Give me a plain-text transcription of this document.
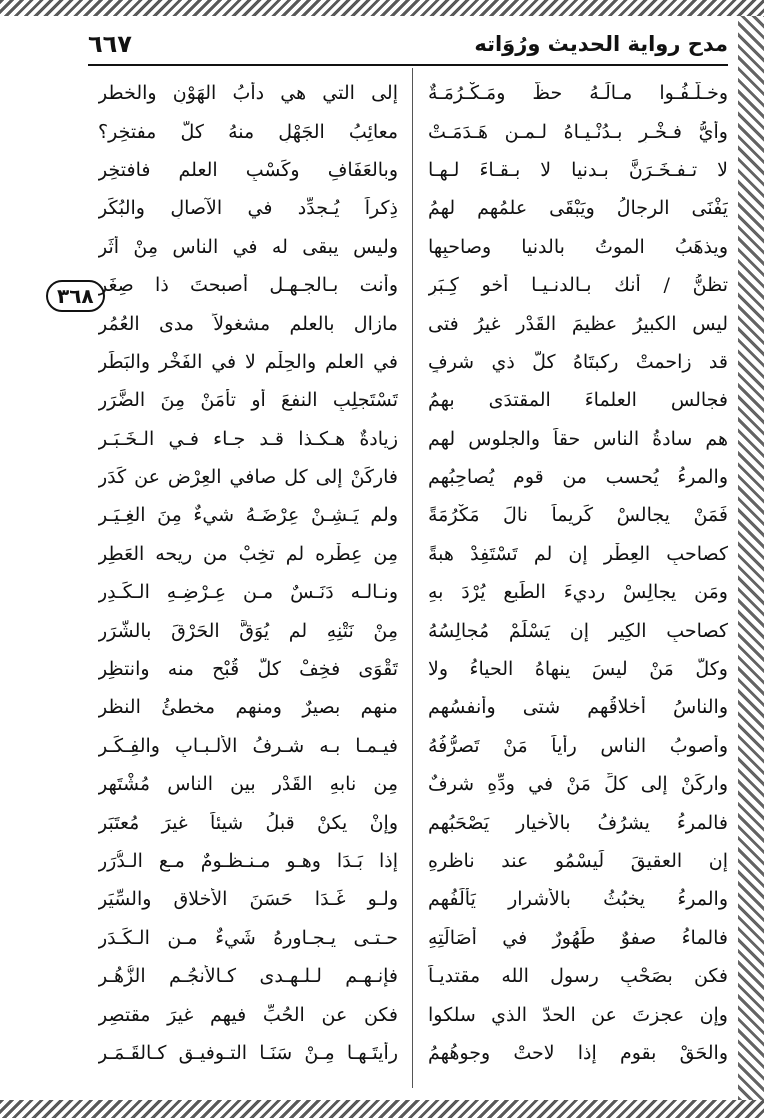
مدح رواية الحديث ورُوَاته
٦٦٧
٣٦٨
وخـلَّـفُـوا مـالَـهُ حظٌّ ومَـكْـرُمَـةٌ
إلى التي هي دأبُ الهَوْنِ والخطر
وأيُّ فـخْـرٍ بـدُنْـيـاهُ لـمـن هَـدَمَـتْ
معائِبُ الجَهْلِ منهُ كلَّ مفتخِرِ؟
لا تـفـخَـرَنَّ بـدنيا لا بـقـاءَ لـهـا
وبالعَفَافِ وكَسْبِ العلم فافتخِرِ
يَفْنَى الرجالُ ويَبْقَى علمُهم لهمُ
ذِكراً يُـجدِّد في الآصالِ والبُكَرِ
ويذهَبُ الموتُ بالدنيا وصاحبِها
وليس يبقى له في الناس مِنْ أثَرِ
تظنُّ / أنك بـالدنـيـا أخو كِـبَرٍ
وأنت بـالجـهـل أصبحتَ ذا صِغَرِ
ليس الكبيرُ عظيمَ القَدْرِ غيرُ فتى
مازال بالعلم مشغولاً مدى العُمُرِ
قد زاحمتْ ركبتَاهُ كلَّ ذي شرفٍ
في العلم والحِلْمِ لا في الفَخْرِ والبَطَرِ
فجالسِ العلماءَ المقتدَى بهمُ
تَسْتَجلِبِ النفعَ أو تأمَنْ مِنَ الضَّرَرِ
هم سادةُ الناسِ حقاً والجلوس لهم
زيادةٌ هـكـذا قـد جـاء فـي الـخَـبَـرِ
والمرءُ يُحسب من قوم يُصاحِبُهم
فاركَنْ إلى كل صافي العِرْضِ عن كَدَرِ
فَمَنْ يجالسْ كَريماً نالَ مَكْرُمَةً
ولم يَـشِـنْ عِرْضَـهُ شيءٌ مِنَ الغِـيَـرِ
كصاحبِ العِطْرِ إن لم تَسْتَفِدْ هبةً
مِن عِطْرِه لم تخِبْ من ريحه العَطِرِ
ومَن يجالِسْ رديءَ الطَبعِ يُرْدَ بهِ
ونـالـه دَنَـسٌ مـن عِـرْضِـهِ الـكَـدِرِ
كصاحبِ الكِيرِ إن يَسْلَمْ مُجالِسُهُ
مِنْ نَتْنِهِ لم يُوَقَّ الحَرْقَ بالشَّرَرِ
وكلُّ مَنْ ليسَ ينهاهُ الحياءُ ولا
تَقْوَى فخِفْ كلَّ قُبْحٍ منه وانتظِرِ
والناسُ أخلاقُهم شتى وأنفسُهم
منهم بصيرٌ ومنهم مخطئُ النظرِ
وأصوبُ الناسِ رأياً مَنْ تَصرُّفُهُ
فيـمـا بـه شـرفُ الألـبـابِ والفِـكَـرِ
واركَنْ إلى كلِّ مَنْ في وِدِّهِ شرفٌ
مِن نابهِ القَدْرِ بين الناسِ مُشْتَهِرِ
فالمرءُ يشرُفُ بالأخيار يَصْحَبُهم
وإنْ يكنْ قبلُ شيئاً غيرَ مُعتَبَرِ
إن العقيقَ لَيسْمُو عند ناظرِهِ
إذا بَـدَا وهـو مـنـظـومٌ مـع الـدُّرَرِ
والمرءُ يخبُثُ بالأشرارِ يَأْلَفُهم
ولـو غَـدَا حَسَنَ الأخلاقِ والسِّيَرِ
فالماءُ صفوٌ طَهُورٌ في أصَالَتِهِ
حـتـى يـجـاوِرهُ شَيءٌ مـن الـكَـدَرِ
فكن بصَحْبِ رسول الله مقتديـاً
فإنـهـم لـلـهـدى كـالأنجُـمِ الزُّهُـرِ
وإن عجزتَ عن الحدّ الذي سلكوا
فكن عن الحُبِّ فيهم غيرَ مقتصِرِ
والحَقْ بقومٍ إذا لاحتْ وجوهُهمُ
رأيتَـهـا مِـنْ سَنَـا التـوفيـق كـالقَـمَـرِ
